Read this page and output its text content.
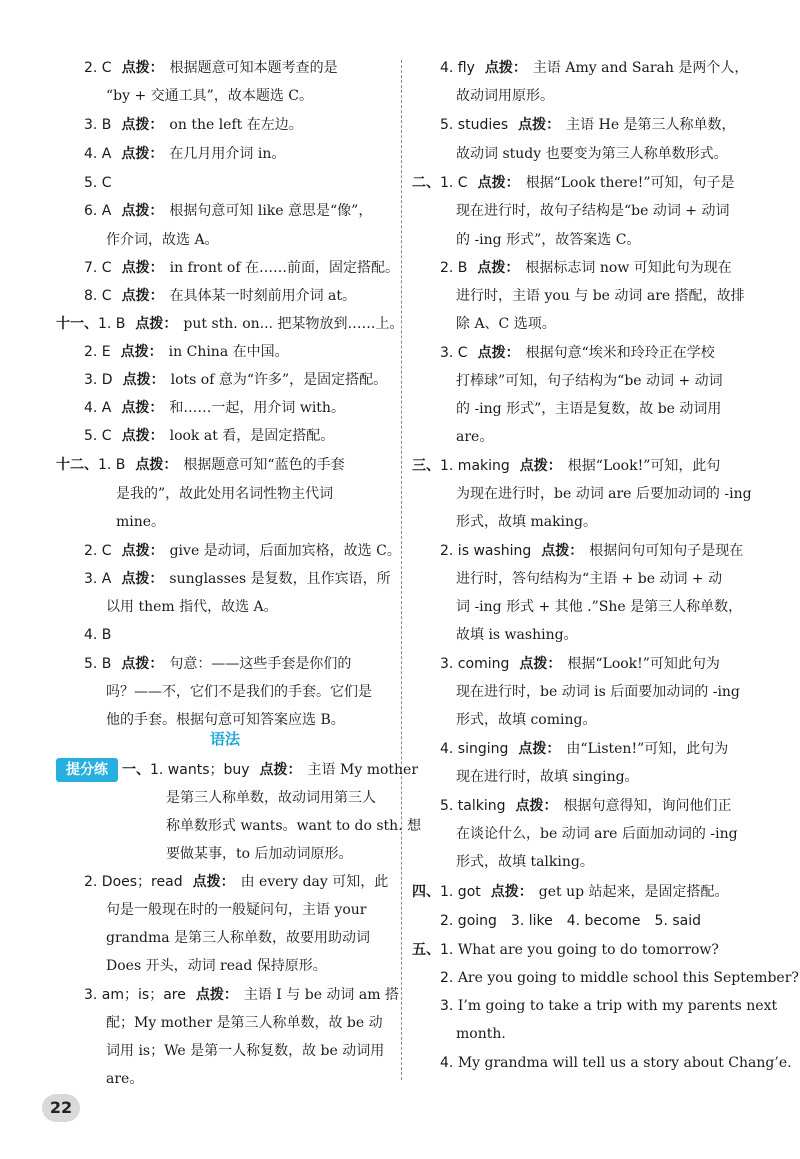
2. C 点拨： 根据题意可知本题考查的是
“by + 交通工具”，故本题选 C。
3. B 点拨： on the left 在左边。
4. A 点拨： 在几月用介词 in。
5. C
6. A 点拨： 根据句意可知 like 意思是“像”，
作介词，故选 A。
7. C 点拨： in front of 在……前面，固定搭配。
8. C 点拨： 在具体某一时刻前用介词 at。
十一、1. B 点拨： put sth. on... 把某物放到……上。
2. E 点拨： in China 在中国。
3. D 点拨： lots of 意为“许多”，是固定搭配。
4. A 点拨： 和……一起，用介词 with。
5. C 点拨： look at 看，是固定搭配。
十二、1. B 点拨： 根据题意可知“蓝色的手套
是我的”，故此处用名词性物主代词
mine。
2. C 点拨： give 是动词，后面加宾格，故选 C。
3. A 点拨： sunglasses 是复数，且作宾语，所
以用 them 指代，故选 A。
4. B
5. B 点拨： 句意：——这些手套是你们的
吗？——不，它们不是我们的手套。它们是
他的手套。根据句意可知答案应选 B。
一、1. wants；buy 点拨： 主语 My mother
是第三人称单数，故动词用第三人
称单数形式 wants。want to do sth. 想
要做某事，to 后加动词原形。
2. Does；read 点拨： 由 every day 可知，此
句是一般现在时的一般疑问句，主语 your
grandma 是第三人称单数，故要用助动词
Does 开头，动词 read 保持原形。
3. am；is；are 点拨： 主语 I 与 be 动词 am 搭
配；My mother 是第三人称单数，故 be 动
词用 is；We 是第一人称复数，故 be 动词用
are。
4. fly 点拨： 主语 Amy and Sarah 是两个人，
故动词用原形。
5. studies 点拨： 主语 He 是第三人称单数，
故动词 study 也要变为第三人称单数形式。
二、1. C 点拨： 根据“Look there!”可知，句子是
现在进行时，故句子结构是“be 动词 + 动词
的 -ing 形式”，故答案选 C。
2. B 点拨： 根据标志词 now 可知此句为现在
进行时，主语 you 与 be 动词 are 搭配，故排
除 A、C 选项。
3. C 点拨： 根据句意“埃米和玲玲正在学校
打棒球”可知，句子结构为“be 动词 + 动词
的 -ing 形式”，主语是复数，故 be 动词用
are。
三、1. making 点拨： 根据“Look!”可知，此句
为现在进行时，be 动词 are 后要加动词的 -ing
形式，故填 making。
2. is washing 点拨： 根据问句可知句子是现在
进行时，答句结构为“主语 + be 动词 + 动
词 -ing 形式 + 其他 .”She 是第三人称单数，
故填 is washing。
3. coming 点拨： 根据“Look!”可知此句为
现在进行时，be 动词 is 后面要加动词的 -ing
形式，故填 coming。
4. singing 点拨： 由“Listen!”可知，此句为
现在进行时，故填 singing。
5. talking 点拨： 根据句意得知，询问他们正
在谈论什么，be 动词 are 后面加动词的 -ing
形式，故填 talking。
四、1. got 点拨： get up 站起来，是固定搭配。
2. going　3. like　4. become　5. said
五、1. What are you going to do tomorrow?
2. Are you going to middle school this September?
3. I’m going to take a trip with my parents next
month.
4. My grandma will tell us a story about Chang’e.
语法
提分练
22
